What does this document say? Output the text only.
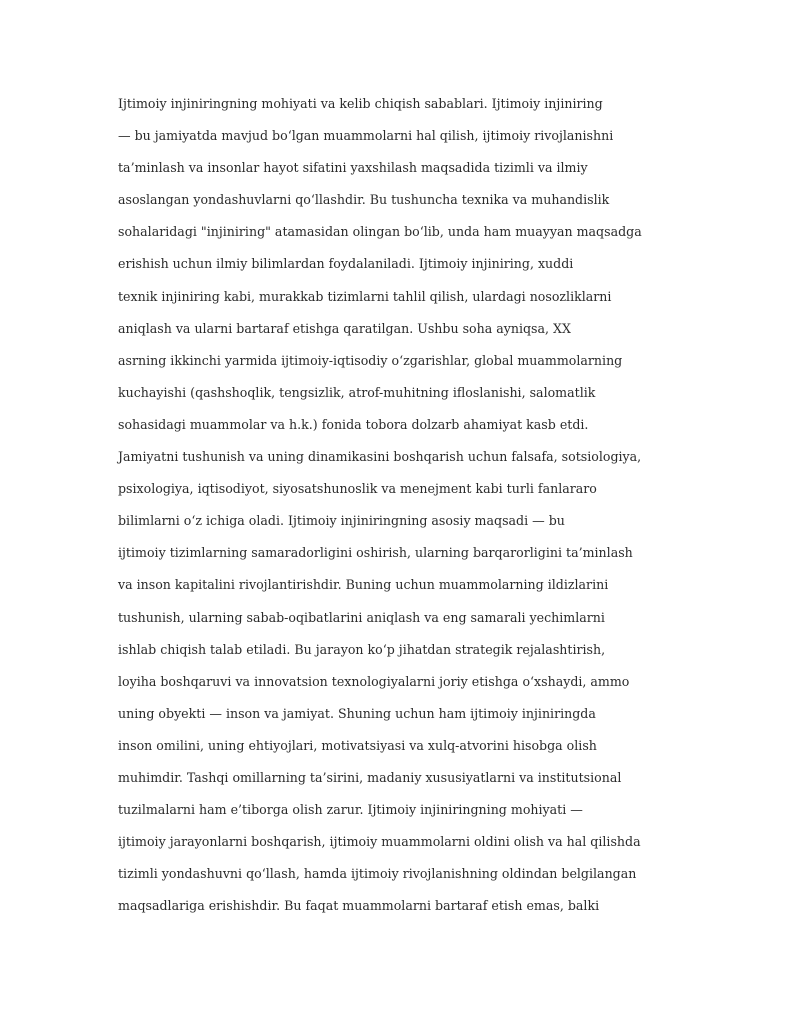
Ijtimoiy injiniringning mohiyati va kelib chiqish sabablari. Ijtimoiy injiniring
— bu jamiyatda mavjud bo‘lgan muammolarni hal qilish, ijtimoiy rivojlanishni
ta’minlash va insonlar hayot sifatini yaxshilash maqsadida tizimli va ilmiy
asoslangan yondashuvlarni qo‘llashdir. Bu tushuncha texnika va muhandislik
sohalaridagi "injiniring" atamasidan olingan bo‘lib, unda ham muayyan maqsadga
erishish uchun ilmiy bilimlardan foydalaniladi. Ijtimoiy injiniring, xuddi
texnik injiniring kabi, murakkab tizimlarni tahlil qilish, ulardagi nosozliklarni
aniqlash va ularni bartaraf etishga qaratilgan. Ushbu soha ayniqsa, XX
asrning ikkinchi yarmida ijtimoiy-iqtisodiy o‘zgarishlar, global muammolarning
kuchayishi (qashshoqlik, tengsizlik, atrof-muhitning ifloslanishi, salomatlik
sohasidagi muammolar va h.k.) fonida tobora dolzarb ahamiyat kasb etdi.
Jamiyatni tushunish va uning dinamikasini boshqarish uchun falsafa, sotsiologiya,
psixologiya, iqtisodiyot, siyosatshunoslik va menejment kabi turli fanlararo
bilimlarni o‘z ichiga oladi. Ijtimoiy injiniringning asosiy maqsadi — bu
ijtimoiy tizimlarning samaradorligini oshirish, ularning barqarorligini ta’minlash
va inson kapitalini rivojlantirishdir. Buning uchun muammolarning ildizlarini
tushunish, ularning sabab-oqibatlarini aniqlash va eng samarali yechimlarni
ishlab chiqish talab etiladi. Bu jarayon ko‘p jihatdan strategik rejalashtirish,
loyiha boshqaruvi va innovatsion texnologiyalarni joriy etishga o‘xshaydi, ammo
uning obyekti — inson va jamiyat. Shuning uchun ham ijtimoiy injiniringda
inson omilini, uning ehtiyojlari, motivatsiyasi va xulq-atvorini hisobga olish
muhimdir. Tashqi omillarning ta’sirini, madaniy xususiyatlarni va institutsional
tuzilmalarni ham e’tiborga olish zarur. Ijtimoiy injiniringning mohiyati —
ijtimoiy jarayonlarni boshqarish, ijtimoiy muammolarni oldini olish va hal qilishda
tizimli yondashuvni qo‘llash, hamda ijtimoiy rivojlanishning oldindan belgilangan
maqsadlariga erishishdir. Bu faqat muammolarni bartaraf etish emas, balki
